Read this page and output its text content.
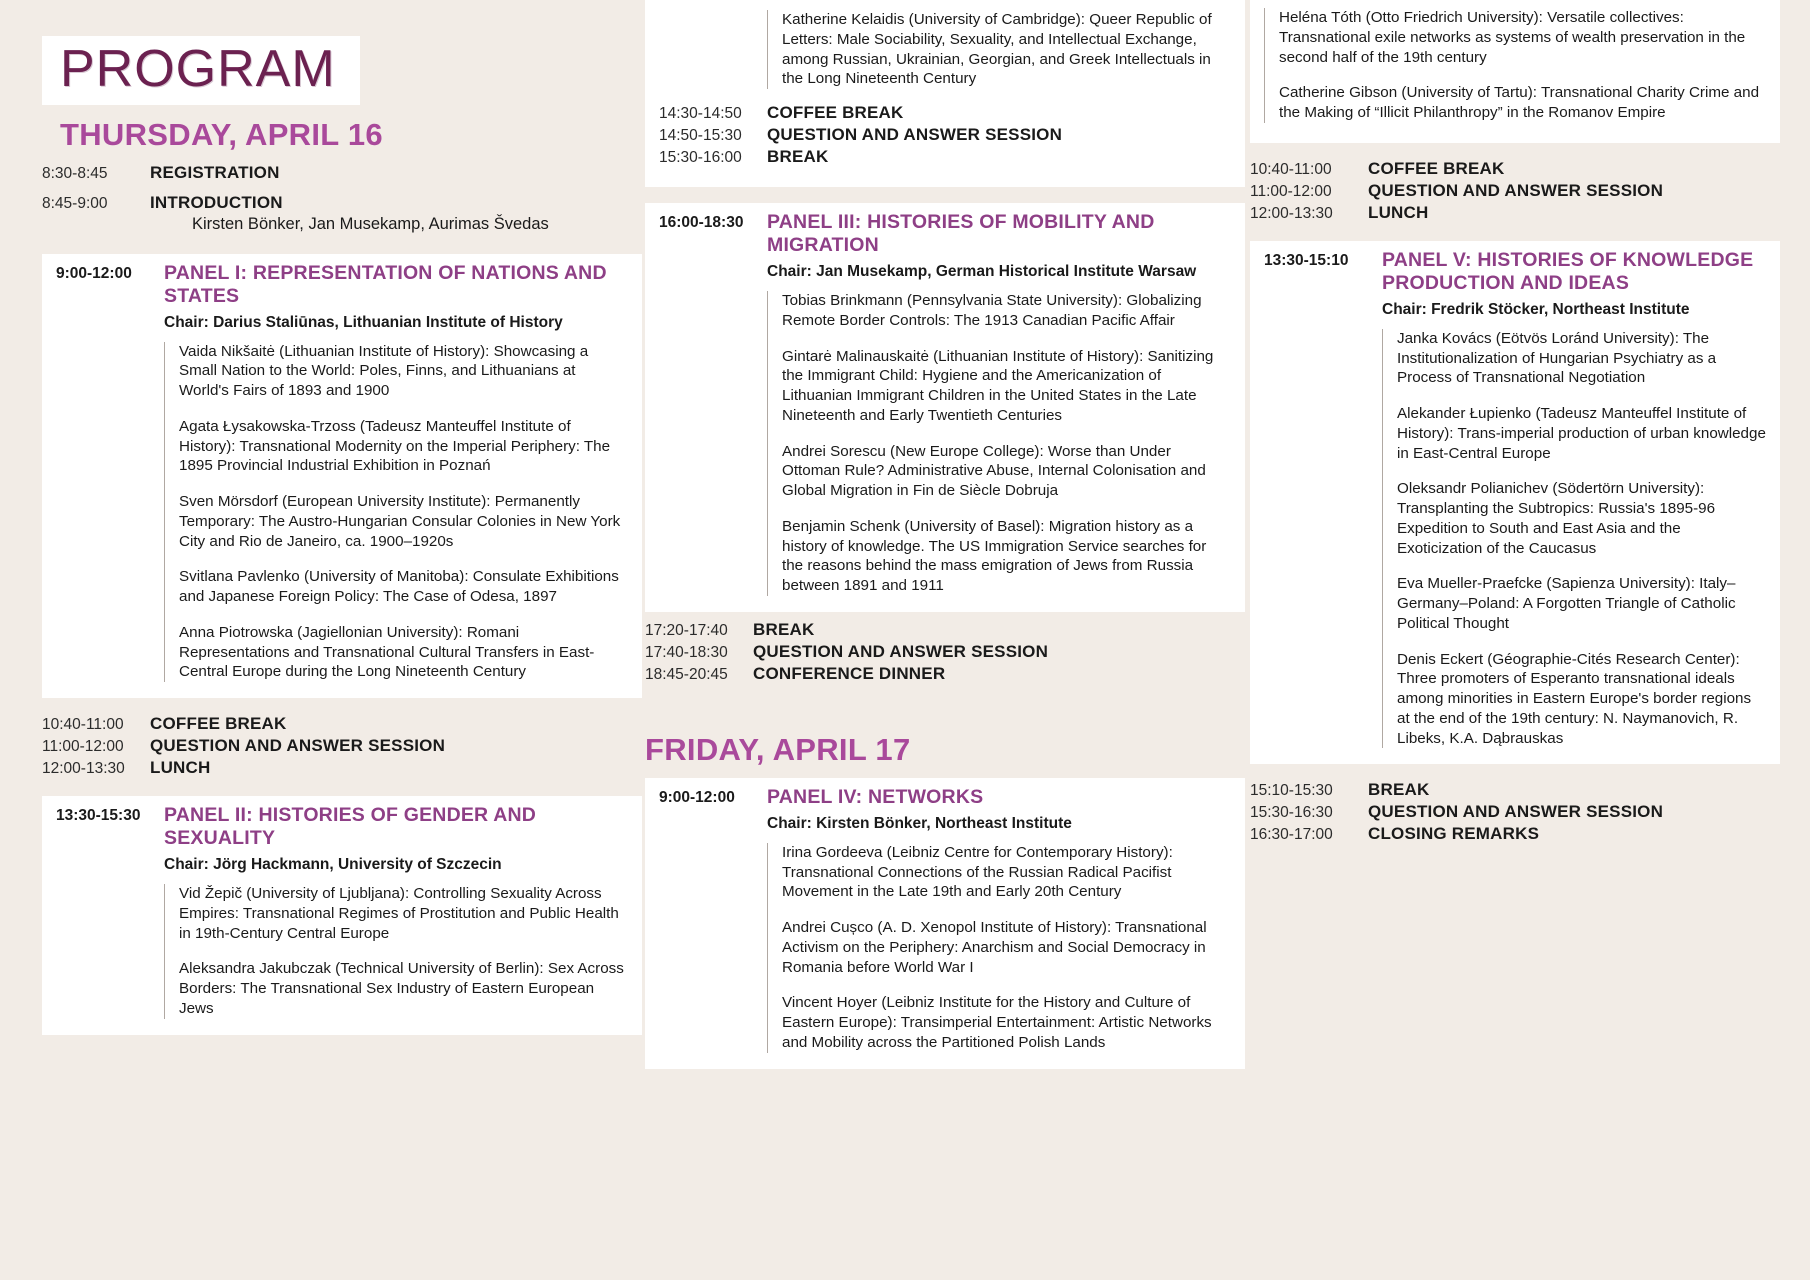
PROGRAM
THURSDAY, APRIL 16
8:30-8:45	REGISTRATION
8:45-9:00	INTRODUCTION
Kirsten Bönker, Jan Musekamp, Aurimas Švedas
9:00-12:00	PANEL I: REPRESENTATION OF NATIONS AND STATES
Chair: Darius Staliūnas, Lithuanian Institute of History
Vaida Nikšaitė (Lithuanian Institute of History): Showcasing a Small Nation to the World: Poles, Finns, and Lithuanians at World's Fairs of 1893 and 1900
Agata Łysakowska-Trzoss (Tadeusz Manteuffel Institute of History): Transnational Modernity on the Imperial Periphery: The 1895 Provincial Industrial Exhibition in Poznań
Sven Mörsdorf (European University Institute): Permanently Temporary: The Austro-Hungarian Consular Colonies in New York City and Rio de Janeiro, ca. 1900–1920s
Svitlana Pavlenko (University of Manitoba): Consulate Exhibitions and Japanese Foreign Policy: The Case of Odesa, 1897
Anna Piotrowska (Jagiellonian University): Romani Representations and Transnational Cultural Transfers in East-Central Europe during the Long Nineteenth Century
10:40-11:00	COFFEE BREAK
11:00-12:00	QUESTION AND ANSWER SESSION
12:00-13:30	LUNCH
13:30-15:30	PANEL II: HISTORIES OF GENDER AND SEXUALITY
Chair: Jörg Hackmann, University of Szczecin
Vid Žepič (University of Ljubljana): Controlling Sexuality Across Empires: Transnational Regimes of Prostitution and Public Health in 19th-Century Central Europe
Aleksandra Jakubczak (Technical University of Berlin): Sex Across Borders: The Transnational Sex Industry of Eastern European Jews
Katherine Kelaidis (University of Cambridge): Queer Republic of Letters: Male Sociability, Sexuality, and Intellectual Exchange, among Russian, Ukrainian, Georgian, and Greek Intellectuals in the Long Nineteenth Century
14:30-14:50	COFFEE BREAK
14:50-15:30	QUESTION AND ANSWER SESSION
15:30-16:00	BREAK
16:00-18:30	PANEL III: HISTORIES OF MOBILITY AND MIGRATION
Chair: Jan Musekamp, German Historical Institute Warsaw
Tobias Brinkmann (Pennsylvania State University): Globalizing Remote Border Controls: The 1913 Canadian Pacific Affair
Gintarė Malinauskaitė (Lithuanian Institute of History): Sanitizing the Immigrant Child: Hygiene and the Americanization of Lithuanian Immigrant Children in the United States in the Late Nineteenth and Early Twentieth Centuries
Andrei Sorescu (New Europe College): Worse than Under Ottoman Rule? Administrative Abuse, Internal Colonisation and Global Migration in Fin de Siècle Dobruja
Benjamin Schenk (University of Basel): Migration history as a history of knowledge. The US Immigration Service searches for the reasons behind the mass emigration of Jews from Russia between 1891 and 1911
17:20-17:40	BREAK
17:40-18:30	QUESTION AND ANSWER SESSION
18:45-20:45	CONFERENCE DINNER
FRIDAY, APRIL 17
9:00-12:00	PANEL IV: NETWORKS
Chair: Kirsten Bönker, Northeast Institute
Irina Gordeeva (Leibniz Centre for Contemporary History): Transnational Connections of the Russian Radical Pacifist Movement in the Late 19th and Early 20th Century
Andrei Cușco (A. D. Xenopol Institute of History): Transnational Activism on the Periphery: Anarchism and Social Democracy in Romania before World War I
Vincent Hoyer (Leibniz Institute for the History and Culture of Eastern Europe): Transimperial Entertainment: Artistic Networks and Mobility across the Partitioned Polish Lands
Heléna Tóth (Otto Friedrich University): Versatile collectives: Transnational exile networks as systems of wealth preservation in the second half of the 19th century
Catherine Gibson (University of Tartu): Transnational Charity Crime and the Making of “Illicit Philanthropy” in the Romanov Empire
10:40-11:00	COFFEE BREAK
11:00-12:00	QUESTION AND ANSWER SESSION
12:00-13:30	LUNCH
13:30-15:10	PANEL V: HISTORIES OF KNOWLEDGE PRODUCTION AND IDEAS
Chair: Fredrik Stöcker, Northeast Institute
Janka Kovács (Eötvös Loránd University): The Institutionalization of Hungarian Psychiatry as a Process of Transnational Negotiation
Alekander Łupienko (Tadeusz Manteuffel Institute of History): Trans-imperial production of urban knowledge in East-Central Europe
Oleksandr Polianichev (Södertörn University): Transplanting the Subtropics: Russia's 1895-96 Expedition to South and East Asia and the Exoticization of the Caucasus
Eva Mueller-Praefcke (Sapienza University): Italy–Germany–Poland: A Forgotten Triangle of Catholic Political Thought
Denis Eckert (Géographie-Cités Research Center): Three promoters of Esperanto transnational ideals among minorities in Eastern Europe's border regions at the end of the 19th century: N. Naymanovich, R. Libeks, K.A. Dąbrauskas
15:10-15:30	BREAK
15:30-16:30	QUESTION AND ANSWER SESSION
16:30-17:00	CLOSING REMARKS
